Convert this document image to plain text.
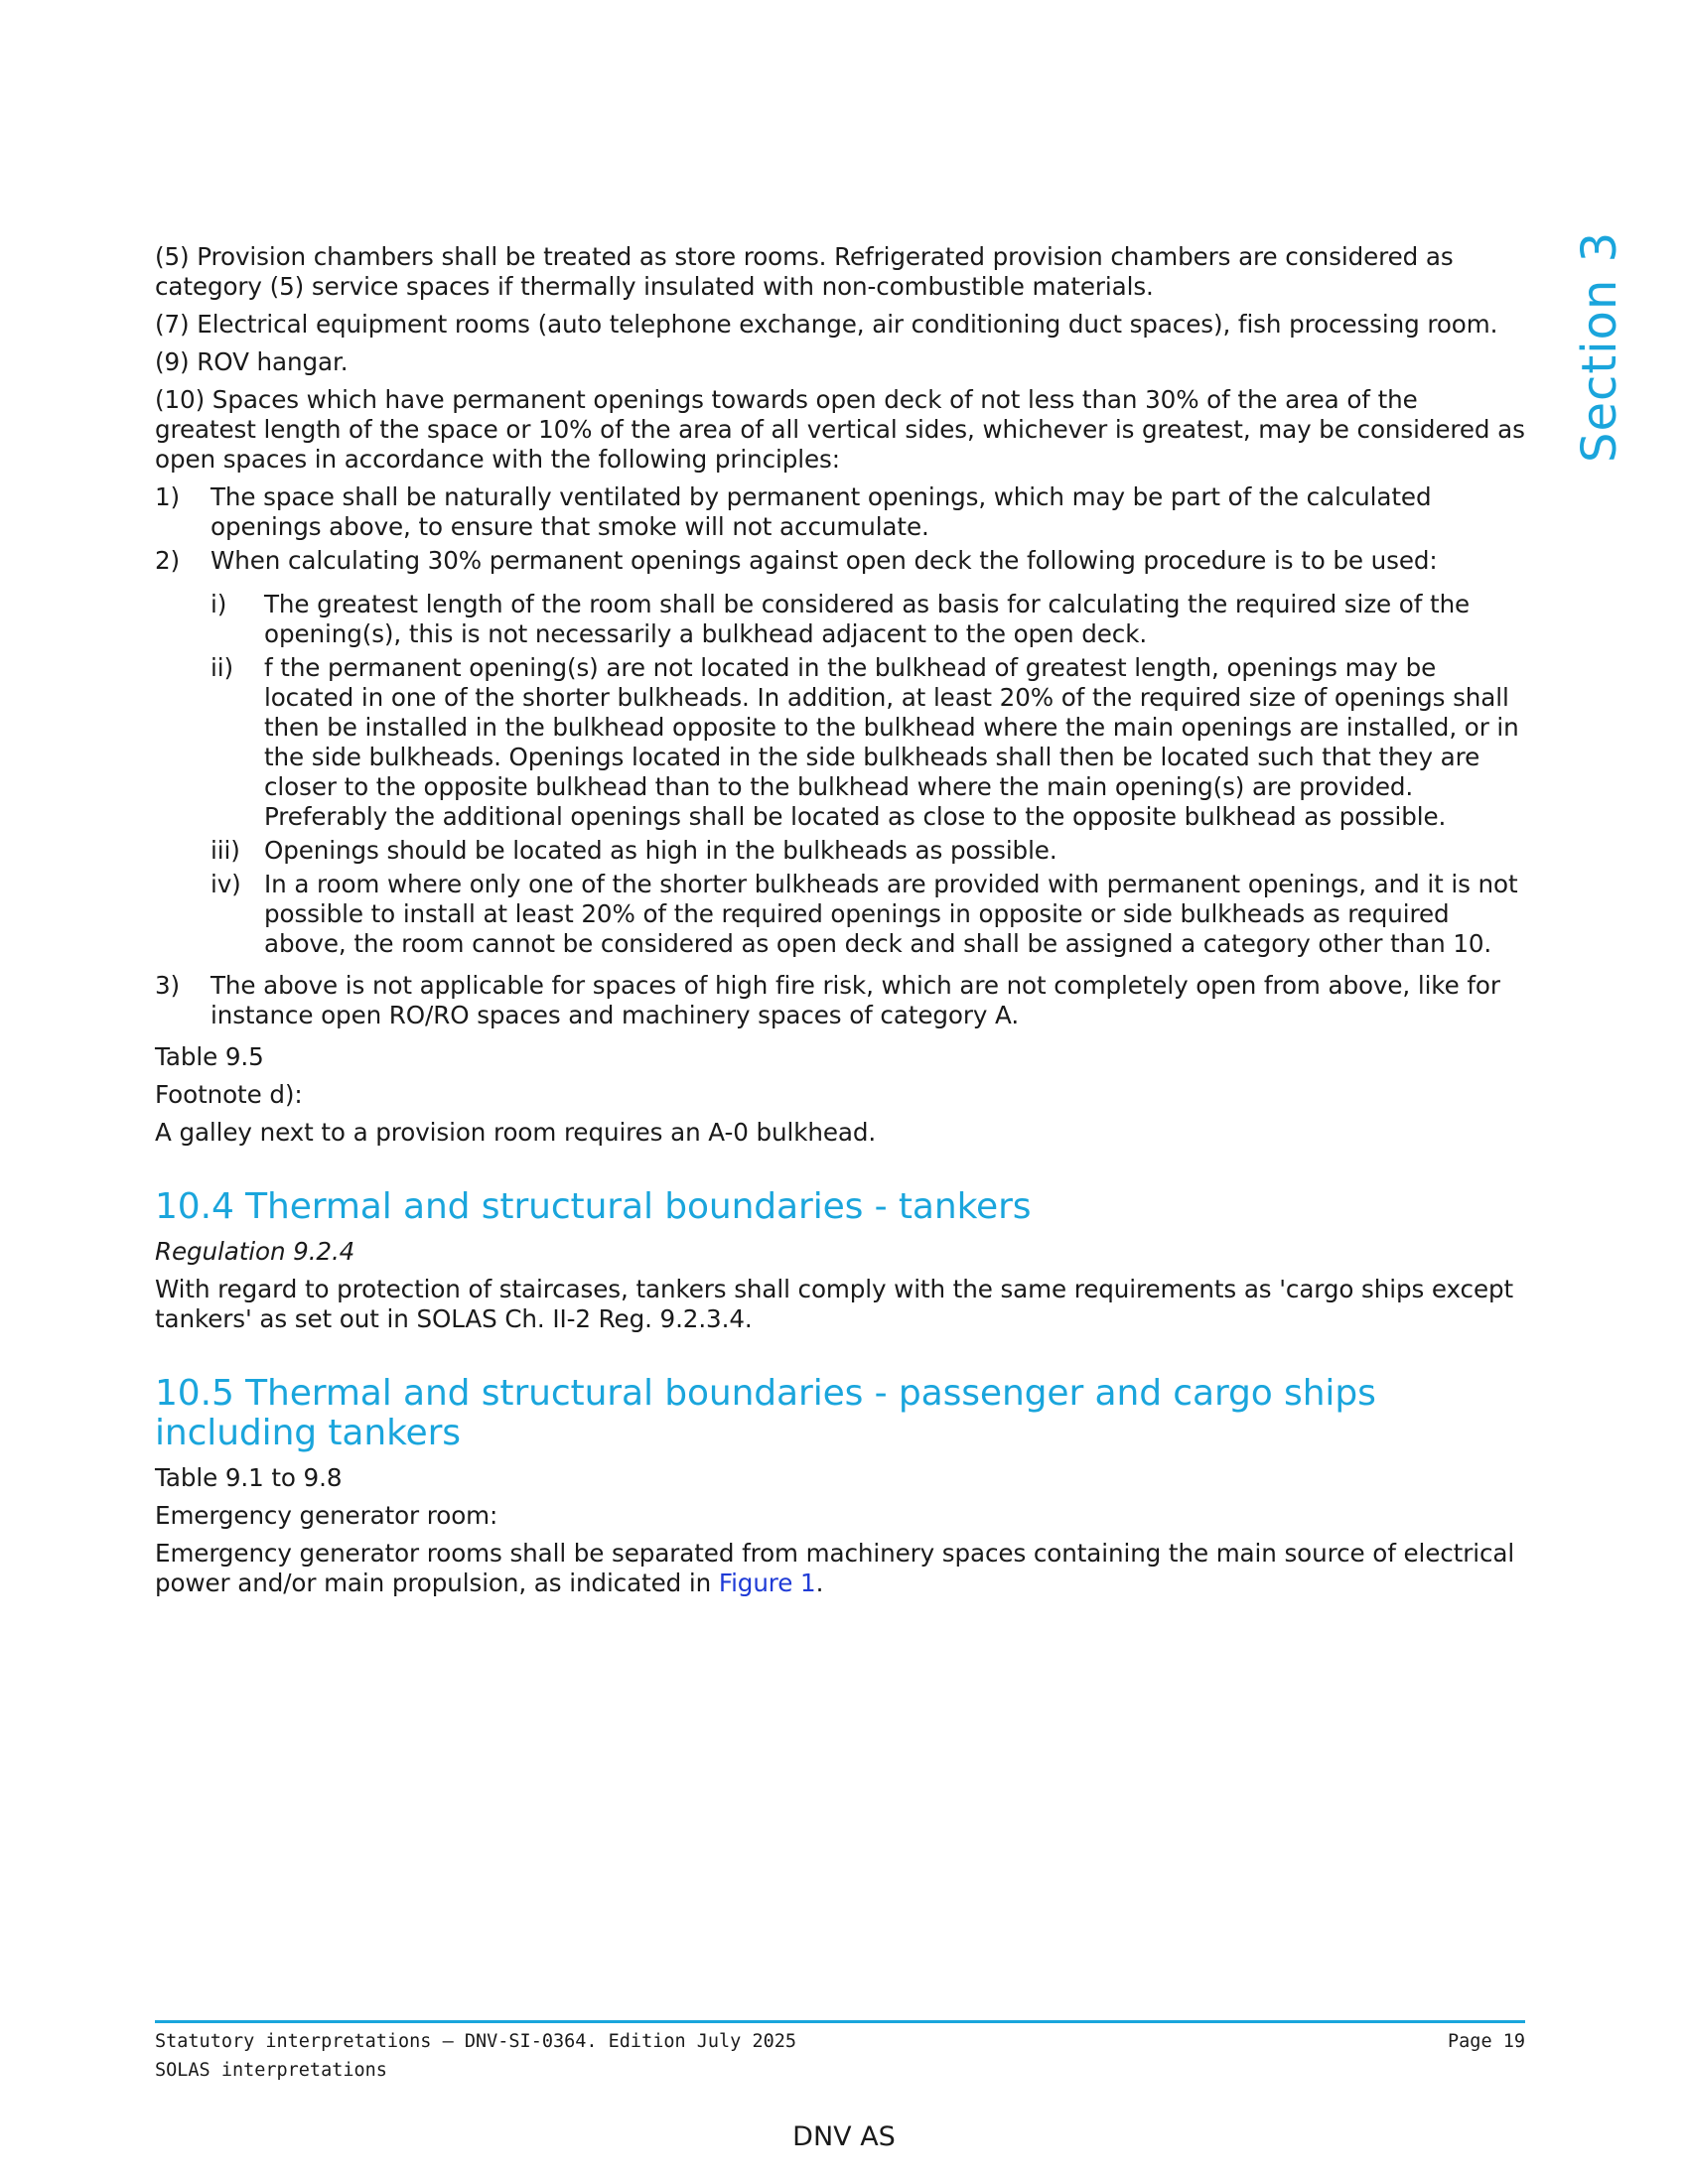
Section 3

(5) Provision chambers shall be treated as store rooms. Refrigerated provision chambers are considered as category (5) service spaces if thermally insulated with non-combustible materials.

(7) Electrical equipment rooms (auto telephone exchange, air conditioning duct spaces), fish processing room.

(9) ROV hangar.

(10) Spaces which have permanent openings towards open deck of not less than 30% of the area of the greatest length of the space or 10% of the area of all vertical sides, whichever is greatest, may be considered as open spaces in accordance with the following principles:

1)	The space shall be naturally ventilated by permanent openings, which may be part of the calculated openings above, to ensure that smoke will not accumulate.
2)	When calculating 30% permanent openings against open deck the following procedure is to be used:
i)	The greatest length of the room shall be considered as basis for calculating the required size of the opening(s), this is not necessarily a bulkhead adjacent to the open deck.
ii)	f the permanent opening(s) are not located in the bulkhead of greatest length, openings may be located in one of the shorter bulkheads. In addition, at least 20% of the required size of openings shall then be installed in the bulkhead opposite to the bulkhead where the main openings are installed, or in the side bulkheads. Openings located in the side bulkheads shall then be located such that they are closer to the opposite bulkhead than to the bulkhead where the main opening(s) are provided. Preferably the additional openings shall be located as close to the opposite bulkhead as possible.
iii) Openings should be located as high in the bulkheads as possible.
iv) In a room where only one of the shorter bulkheads are provided with permanent openings, and it is not possible to install at least 20% of the required openings in opposite or side bulkheads as required above, the room cannot be considered as open deck and shall be assigned a category other than 10.
3)	The above is not applicable for spaces of high fire risk, which are not completely open from above, like for instance open RO/RO spaces and machinery spaces of category A.

Table 9.5

Footnote d):

A galley next to a provision room requires an A-0 bulkhead.

10.4 Thermal and structural boundaries - tankers

Regulation 9.2.4

With regard to protection of staircases, tankers shall comply with the same requirements as 'cargo ships except tankers' as set out in SOLAS Ch. II-2 Reg. 9.2.3.4.

10.5 Thermal and structural boundaries - passenger and cargo ships including tankers

Table 9.1 to 9.8

Emergency generator room:

Emergency generator rooms shall be separated from machinery spaces containing the main source of electrical power and/or main propulsion, as indicated in Figure 1.

Statutory interpretations — DNV-SI-0364. Edition July 2025	Page 19
SOLAS interpretations
DNV AS
